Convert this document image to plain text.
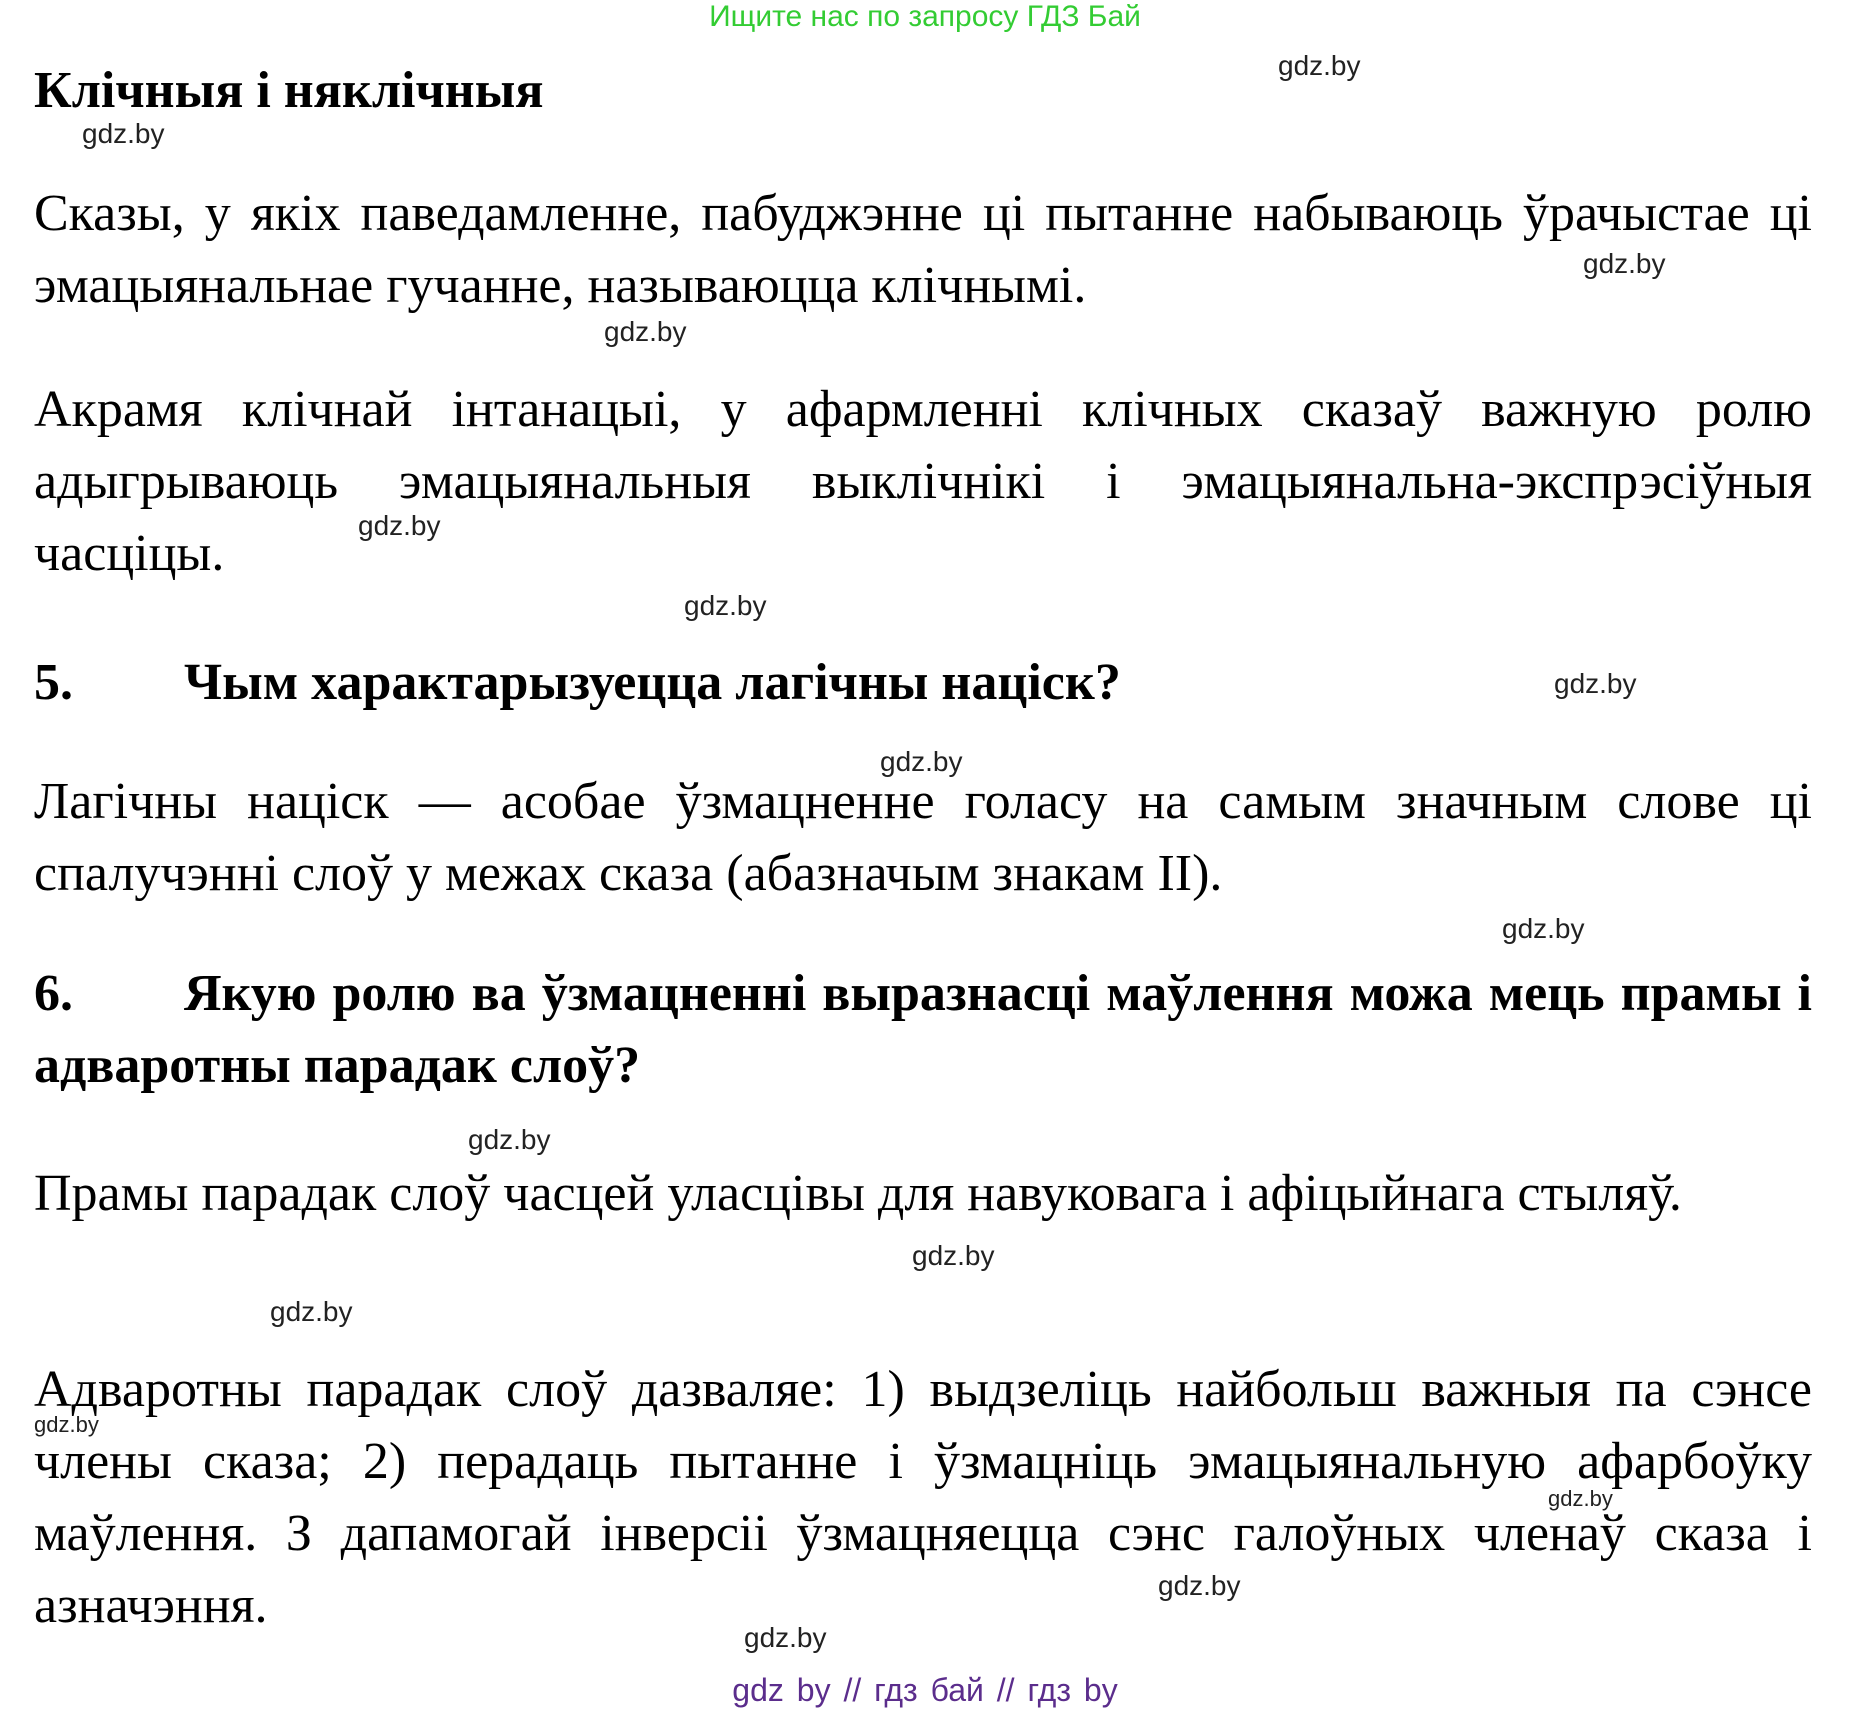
Ищите нас по запросу ГДЗ Бай
Клічныя і няклічныя
Сказы, у якіх паведамленне, пабуджэнне ці пытанне набываюць ўрачыстае ці эмацыянальнае гучанне, называюцца клічнымі.
Акрамя клічнай інтанацыі, у афармленні клічных сказаў важную ролю адыгрываюць эмацыянальныя выклічнікі і эмацыянальна-экспрэсіўныя часціцы.
5. Чым характарызуецца лагічны націск?
Лагічны націск — асобае ўзмацненне голасу на самым значным слове ці спалучэнні слоў у межах сказа (абазначым знакам ІІ).
6. Якую ролю ва ўзмацненні выразнасці маўлення можа мець прамы і адваротны парадак слоў?
Прамы парадак слоў часцей уласцівы для навуковага і афіцыйнага стыляў.
Адваротны парадак слоў дазваляе: 1) выдзеліць найбольш важныя па сэнсе члены сказа; 2) перадаць пытанне і ўзмацніць эмацыянальную афарбоўку маўлення. З дапамогай інверсіі ўзмацняецца сэнс галоўных членаў сказа і азначэння.
gdz.by
gdz.by
gdz.by
gdz.by
gdz.by
gdz.by
gdz.by
gdz.by
gdz.by
gdz.by
gdz.by
gdz.by
gdz.by
gdz.by
gdz.by
gdz.by
gdz by // гдз бай // гдз by
